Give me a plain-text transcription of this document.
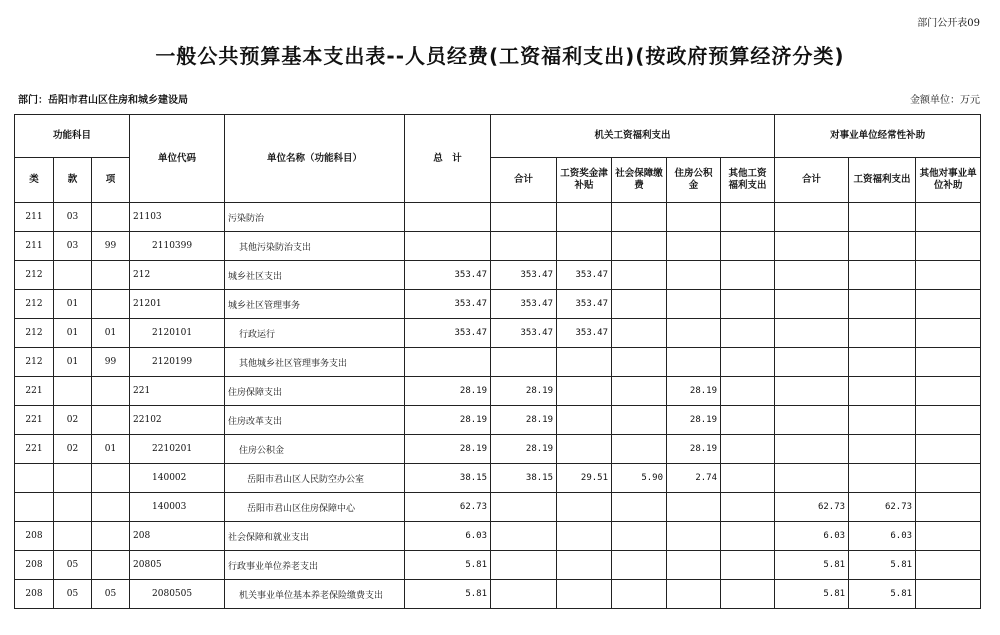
部门公开表09
一般公共预算基本支出表--人员经费(工资福利支出)(按政府预算经济分类)
部门：岳阳市君山区住房和城乡建设局	金额单位：万元
功能科目			单位代码	单位名称（功能科目）	总　计	机关工资福利支出					对事业单位经常性补助		
类	款	项				合计	工资奖金津补贴	社会保障缴费	住房公积金	其他工资福利支出	合计	工资福利支出	其他对事业单位补助
211	03		21103	污染防治									
211	03	99	2110399	其他污染防治支出									
212			212	城乡社区支出	353.47	353.47	353.47						
212	01		21201	城乡社区管理事务	353.47	353.47	353.47						
212	01	01	2120101	行政运行	353.47	353.47	353.47						
212	01	99	2120199	其他城乡社区管理事务支出									
221			221	住房保障支出	28.19	28.19			28.19				
221	02		22102	住房改革支出	28.19	28.19			28.19				
221	02	01	2210201	住房公积金	28.19	28.19			28.19				
			140002	岳阳市君山区人民防空办公室	38.15	38.15	29.51	5.90	2.74				
			140003	岳阳市君山区住房保障中心	62.73						62.73	62.73	
208			208	社会保障和就业支出	6.03						6.03	6.03	
208	05		20805	行政事业单位养老支出	5.81						5.81	5.81	
208	05	05	2080505	机关事业单位基本养老保险缴费支出	5.81						5.81	5.81	
